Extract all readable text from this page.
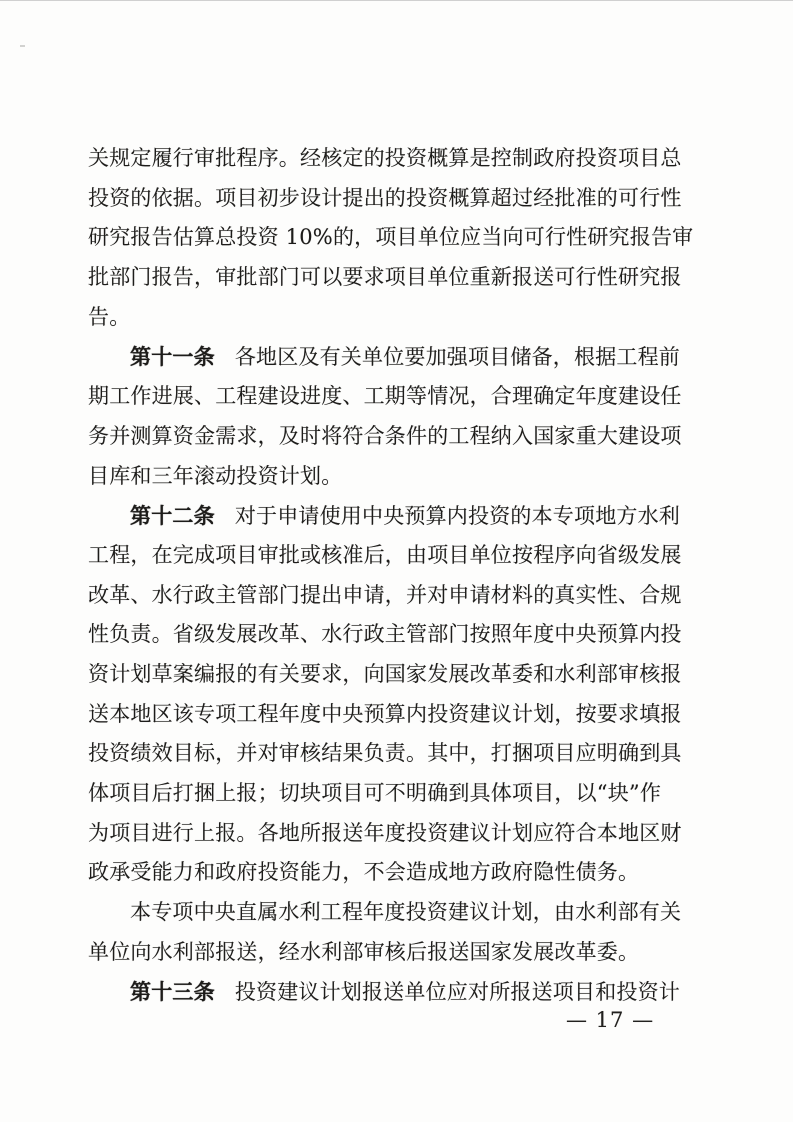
关规定履行审批程序。经核定的投资概算是控制政府投资项目总
投资的依据。项目初步设计提出的投资概算超过经批准的可行性
研究报告估算总投资 10%的，项目单位应当向可行性研究报告审
批部门报告，审批部门可以要求项目单位重新报送可行性研究报
告。
第十一条 各地区及有关单位要加强项目储备，根据工程前
期工作进展、工程建设进度、工期等情况，合理确定年度建设任
务并测算资金需求，及时将符合条件的工程纳入国家重大建设项
目库和三年滚动投资计划。
第十二条 对于申请使用中央预算内投资的本专项地方水利
工程，在完成项目审批或核准后，由项目单位按程序向省级发展
改革、水行政主管部门提出申请，并对申请材料的真实性、合规
性负责。省级发展改革、水行政主管部门按照年度中央预算内投
资计划草案编报的有关要求，向国家发展改革委和水利部审核报
送本地区该专项工程年度中央预算内投资建议计划，按要求填报
投资绩效目标，并对审核结果负责。其中，打捆项目应明确到具
体项目后打捆上报；切块项目可不明确到具体项目，以“块”作
为项目进行上报。各地所报送年度投资建议计划应符合本地区财
政承受能力和政府投资能力，不会造成地方政府隐性债务。
本专项中央直属水利工程年度投资建议计划，由水利部有关
单位向水利部报送，经水利部审核后报送国家发展改革委。
第十三条 投资建议计划报送单位应对所报送项目和投资计
— 17 —
